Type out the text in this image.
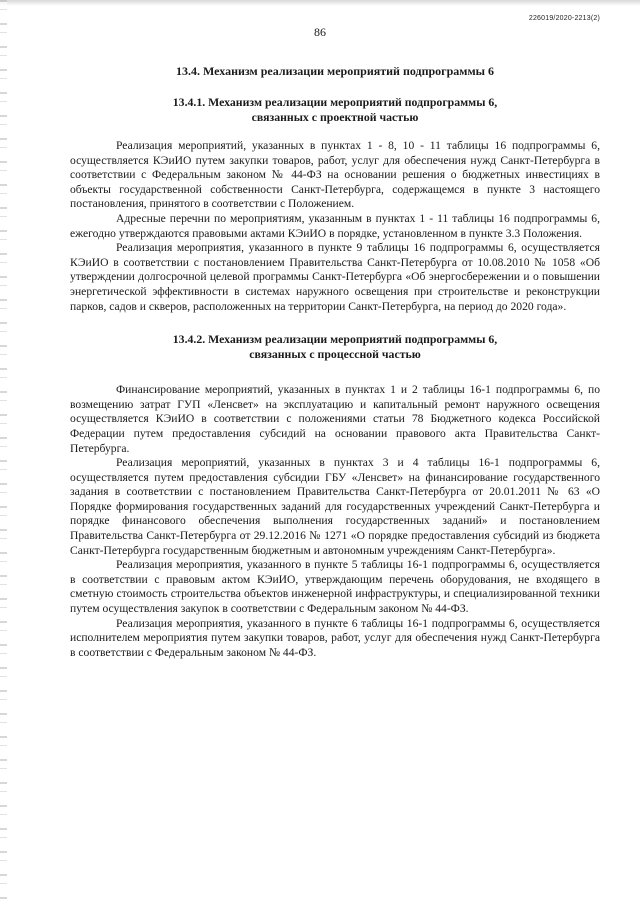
226019/2020-2213(2)
86
13.4. Механизм реализации мероприятий подпрограммы 6
13.4.1. Механизм реализации мероприятий подпрограммы 6,
связанных с проектной частью

Реализация мероприятий, указанных в пунктах 1 - 8, 10 - 11 таблицы 16 подпрограммы 6, осуществляется КЭиИО путем закупки товаров, работ, услуг для обеспечения нужд Санкт-Петербурга в соответствии с Федеральным законом № 44-ФЗ на основании решения о бюджетных инвестициях в объекты государственной собственности Санкт-Петербурга, содержащемся в пункте 3 настоящего постановления, принятого в соответствии с Положением.

Адресные перечни по мероприятиям, указанным в пунктах 1 - 11 таблицы 16 подпрограммы 6, ежегодно утверждаются правовыми актами КЭиИО в порядке, установленном в пункте 3.3 Положения.

Реализация мероприятия, указанного в пункте 9 таблицы 16 подпрограммы 6, осуществляется КЭиИО в соответствии с постановлением Правительства Санкт-Петербурга от 10.08.2010 № 1058 «Об утверждении долгосрочной целевой программы Санкт-Петербурга «Об энергосбережении и о повышении энергетической эффективности в системах наружного освещения при строительстве и реконструкции парков, садов и скверов, расположенных на территории Санкт-Петербурга, на период до 2020 года».

13.4.2. Механизм реализации мероприятий подпрограммы 6,
связанных с процессной частью

Финансирование мероприятий, указанных в пунктах 1 и 2 таблицы 16-1 подпрограммы 6, по возмещению затрат ГУП «Ленсвет» на эксплуатацию и капитальный ремонт наружного освещения осуществляется КЭиИО в соответствии с положениями статьи 78 Бюджетного кодекса Российской Федерации путем предоставления субсидий на основании правового акта Правительства Санкт-Петербурга.

Реализация мероприятий, указанных в пунктах 3 и 4 таблицы 16-1 подпрограммы 6, осуществляется путем предоставления субсидии ГБУ «Ленсвет» на финансирование государственного задания в соответствии с постановлением Правительства Санкт-Петербурга от 20.01.2011 № 63 «О Порядке формирования государственных заданий для государственных учреждений Санкт-Петербурга и порядке финансового обеспечения выполнения государственных заданий» и постановлением Правительства Санкт-Петербурга от 29.12.2016 № 1271 «О порядке предоставления субсидий из бюджета Санкт-Петербурга государственным бюджетным и автономным учреждениям Санкт-Петербурга».

Реализация мероприятия, указанного в пункте 5 таблицы 16-1 подпрограммы 6, осуществляется в соответствии с правовым актом КЭиИО, утверждающим перечень оборудования, не входящего в сметную стоимость строительства объектов инженерной инфраструктуры, и специализированной техники путем осуществления закупок в соответствии с Федеральным законом № 44-ФЗ.

Реализация мероприятия, указанного в пункте 6 таблицы 16-1 подпрограммы 6, осуществляется исполнителем мероприятия путем закупки товаров, работ, услуг для обеспечения нужд Санкт-Петербурга в соответствии с Федеральным законом № 44-ФЗ.
